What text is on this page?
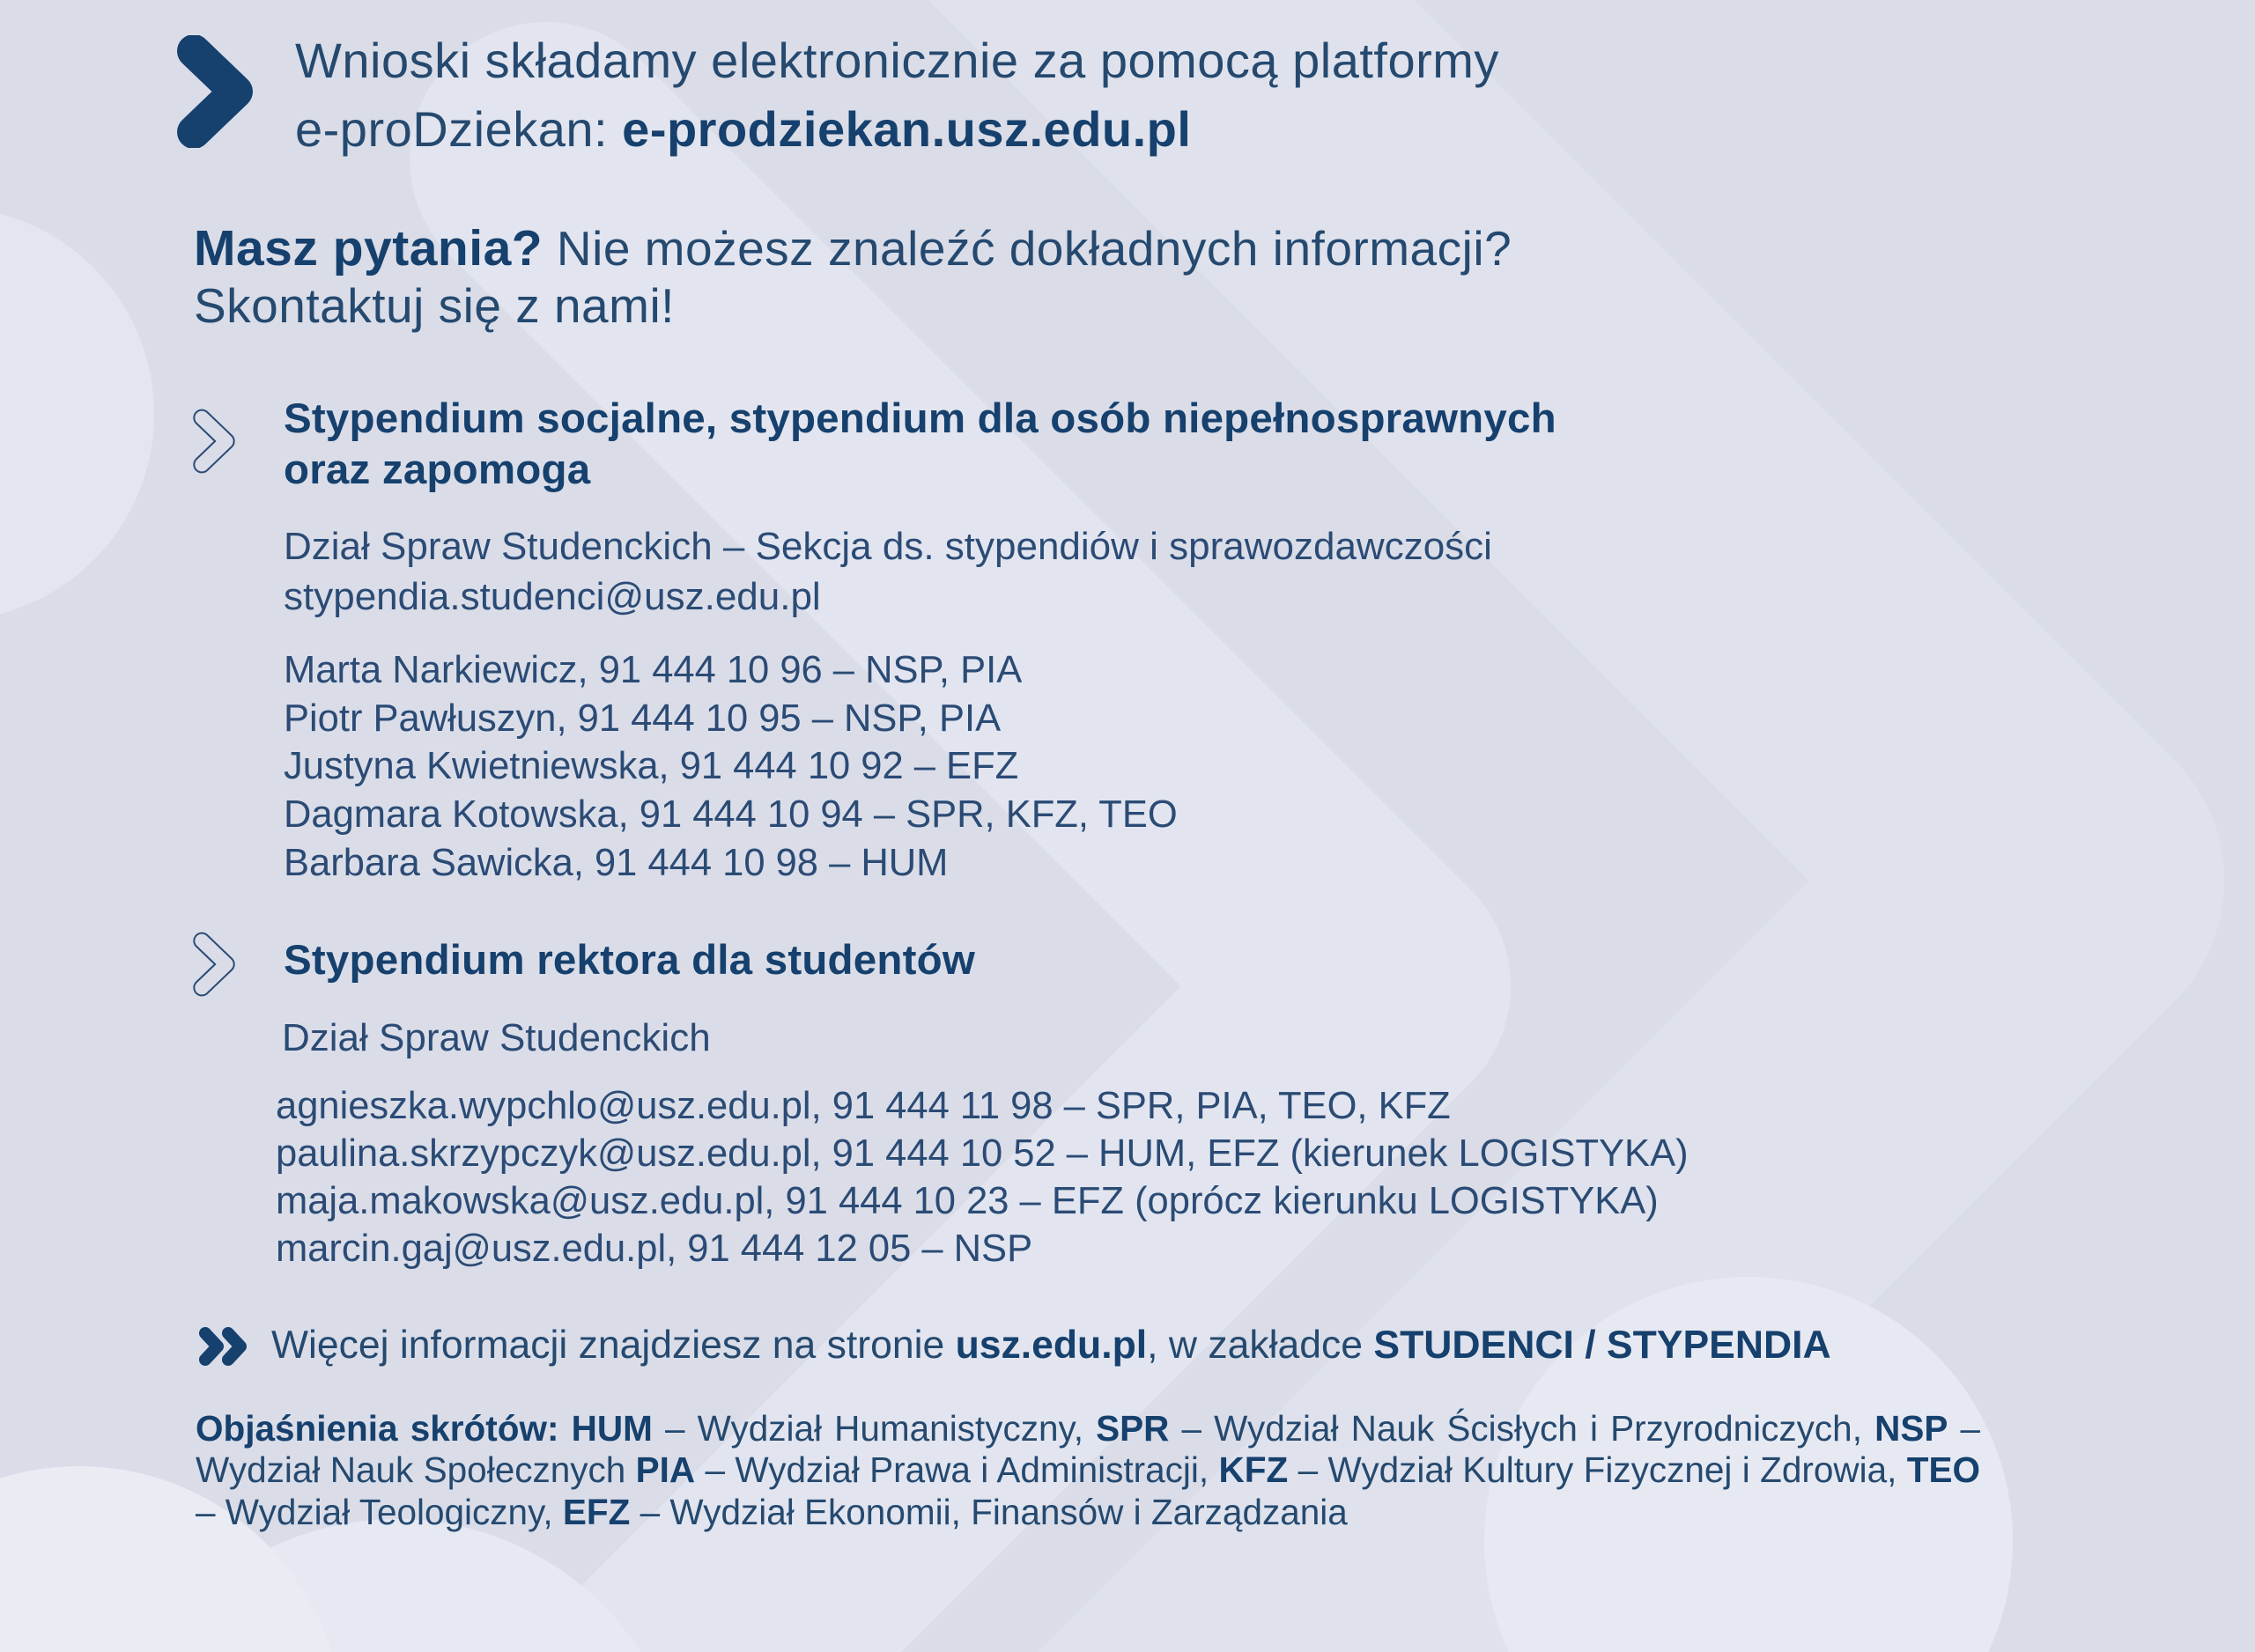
Wnioski składamy elektronicznie za pomocą platformy
e-proDziekan: e-prodziekan.usz.edu.pl
Masz pytania? Nie możesz znaleźć dokładnych informacji?
Skontaktuj się z nami!
Stypendium socjalne, stypendium dla osób niepełnosprawnych
oraz zapomoga
Dział Spraw Studenckich – Sekcja ds. stypendiów i sprawozdawczości
stypendia.studenci@usz.edu.pl
Marta Narkiewicz, 91 444 10 96 – NSP, PIA
Piotr Pawłuszyn, 91 444 10 95 – NSP, PIA
Justyna Kwietniewska, 91 444 10 92 – EFZ
Dagmara Kotowska, 91 444 10 94 – SPR, KFZ, TEO
Barbara Sawicka, 91 444 10 98 – HUM
Stypendium rektora dla studentów
Dział Spraw Studenckich
agnieszka.wypchlo@usz.edu.pl, 91 444 11 98 – SPR, PIA, TEO, KFZ
paulina.skrzypczyk@usz.edu.pl, 91 444 10 52 – HUM, EFZ (kierunek LOGISTYKA)
maja.makowska@usz.edu.pl, 91 444 10 23 – EFZ (oprócz kierunku LOGISTYKA)
marcin.gaj@usz.edu.pl, 91 444 12 05 – NSP
Więcej informacji znajdziesz na stronie usz.edu.pl, w zakładce STUDENCI / STYPENDIA
Objaśnienia skrótów: HUM – Wydział Humanistyczny, SPR – Wydział Nauk Ścisłych i Przyrodniczych, NSP – Wydział Nauk Społecznych PIA – Wydział Prawa i Administracji, KFZ – Wydział Kultury Fizycznej i Zdrowia, TEO – Wydział Teologiczny, EFZ – Wydział Ekonomii, Finansów i Zarządzania
